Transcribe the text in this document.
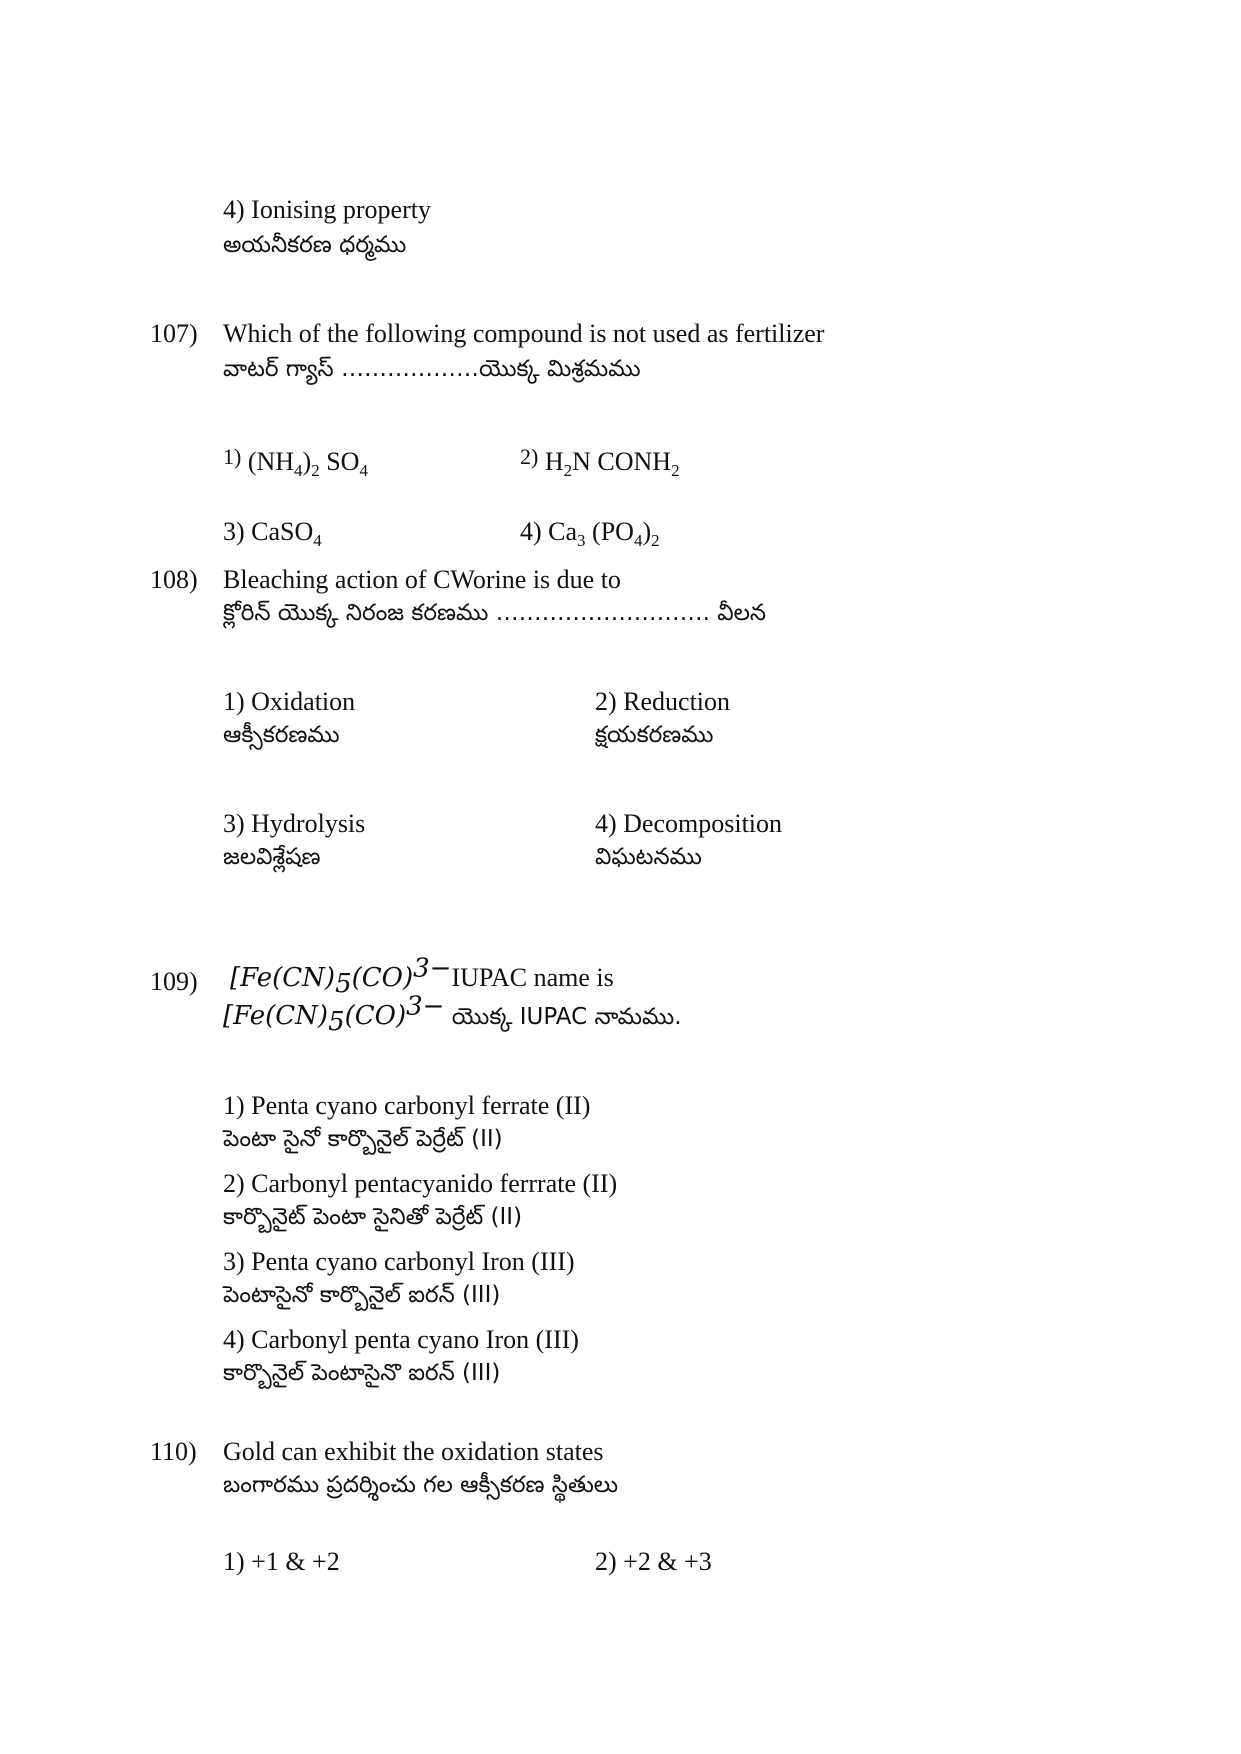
4) Ionising property
అయనీకరణ ధర్మము
107) Which of the following compound is not used as fertilizer
వాటర్ గ్యాస్ ………………యొక్క మిశ్రమము
$^{1)}$ $(NH_4)_2$ $SO_4$
$^{2)}$ $H_2N$ $CONH_2$
3) CaSO$_4$	4) $Ca_3$ $(PO_4)_2$
108) Bleaching action of CWorine is due to
క్లోరిన్ యొక్క నిరంజ కరణము ………………………. వీలన
1) Oxidation
ఆక్సీకరణము
2) Reduction
క్షయకరణము
3) Hydrolysis
జలవిశ్లేషణ
4) Decomposition
విఘటనము
109) [$Fe(CN)_5(CO)^{3-}IUPAC$ name is
[$Fe(CN)_5(CO)^{3-}$ యొక్క IUPAC నామము.
1) Penta cyano carbonyl ferrate (II)
పెంటా సైనో కార్బొనైల్ పెర్రేట్ (II)
2) Carbonyl pentacyanido ferrrate (II)
కార్బొనైట్ పెంటా సైనితో పెర్రేట్ (II)
3) Penta cyano carbonyl Iron (III)
పెంటాసైనో కార్బొనైల్ ఐరన్ (III)
4) Carbonyl penta cyano Iron (III)
కార్బొనైల్ పెంటాసైనొ ఐరన్ (III)
110) Gold can exhibit the oxidation states
బంగారము ప్రదర్శించు గల ఆక్సీకరణ స్థితులు
1) +1 & +2	2) +2 & +3
